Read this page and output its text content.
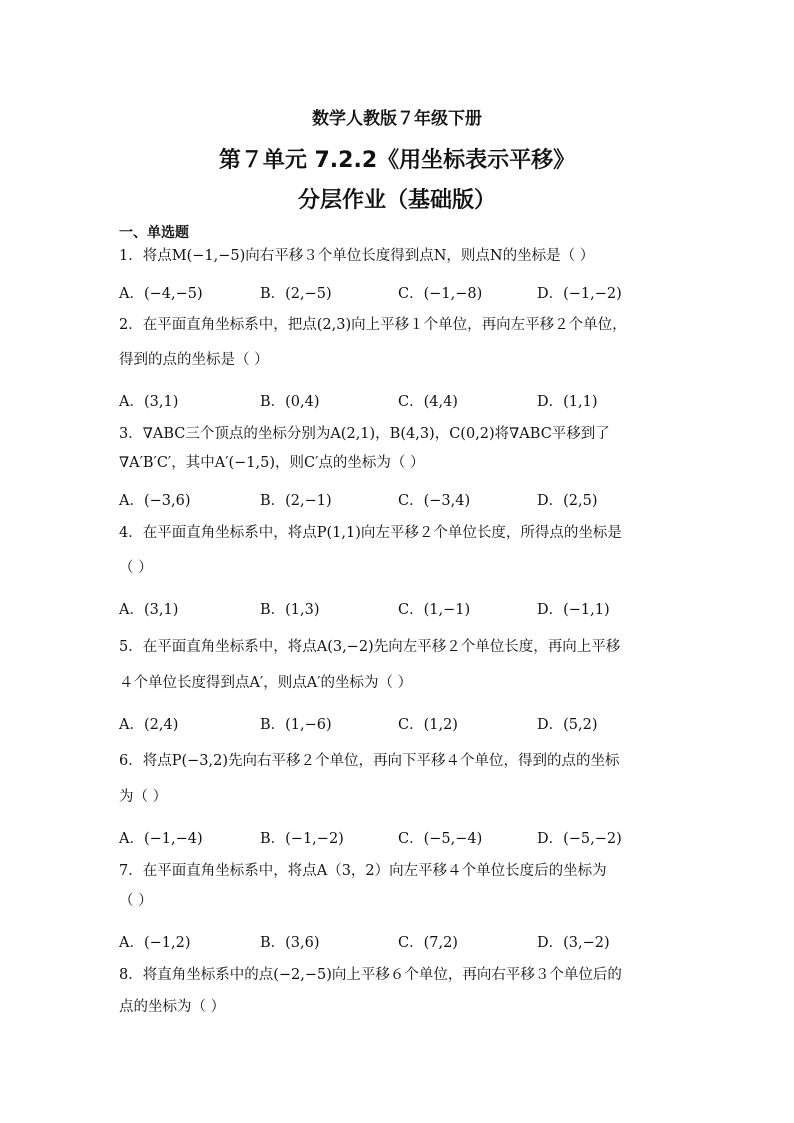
数学人教版７年级下册
第７单元 7.2.2《用坐标表示平移》
分层作业（基础版）
一、单选题
1．将点M(−1,−5)向右平移３个单位长度得到点N，则点N的坐标是（ ）
A．(−4,−5)	B．(2,−5)	C．(−1,−8)	D．(−1,−2)
2．在平面直角坐标系中，把点(2,3)向上平移１个单位，再向左平移２个单位，
得到的点的坐标是（ ）
A．(3,1)	B．(0,4)	C．(4,4)	D．(1,1)
3．∇ABC三个顶点的坐标分别为A(2,1)，B(4,3)，C(0,2)将∇ABC平移到了
∇A′B′C′，其中A′(−1,5)，则C′点的坐标为（ ）
A．(−3,6)	B．(2,−1)	C．(−3,4)	D．(2,5)
4．在平面直角坐标系中，将点P(1,1)向左平移２个单位长度，所得点的坐标是
（ ）
A．(3,1)	B．(1,3)	C．(1,−1)	D．(−1,1)
5．在平面直角坐标系中，将点A(3,−2)先向左平移２个单位长度，再向上平移
４个单位长度得到点A′，则点A′的坐标为（ ）
A．(2,4)	B．(1,−6)	C．(1,2)	D．(5,2)
6．将点P(−3,2)先向右平移２个单位，再向下平移４个单位，得到的点的坐标
为（ ）
A．(−1,−4)	B．(−1,−2)	C．(−5,−4)	D．(−5,−2)
7．在平面直角坐标系中，将点A（3，2）向左平移４个单位长度后的坐标为
（ ）
A．(−1,2)	B．(3,6)	C．(7,2)	D．(3,−2)
8．将直角坐标系中的点(−2,−5)向上平移６个单位，再向右平移３个单位后的
点的坐标为（ ）
